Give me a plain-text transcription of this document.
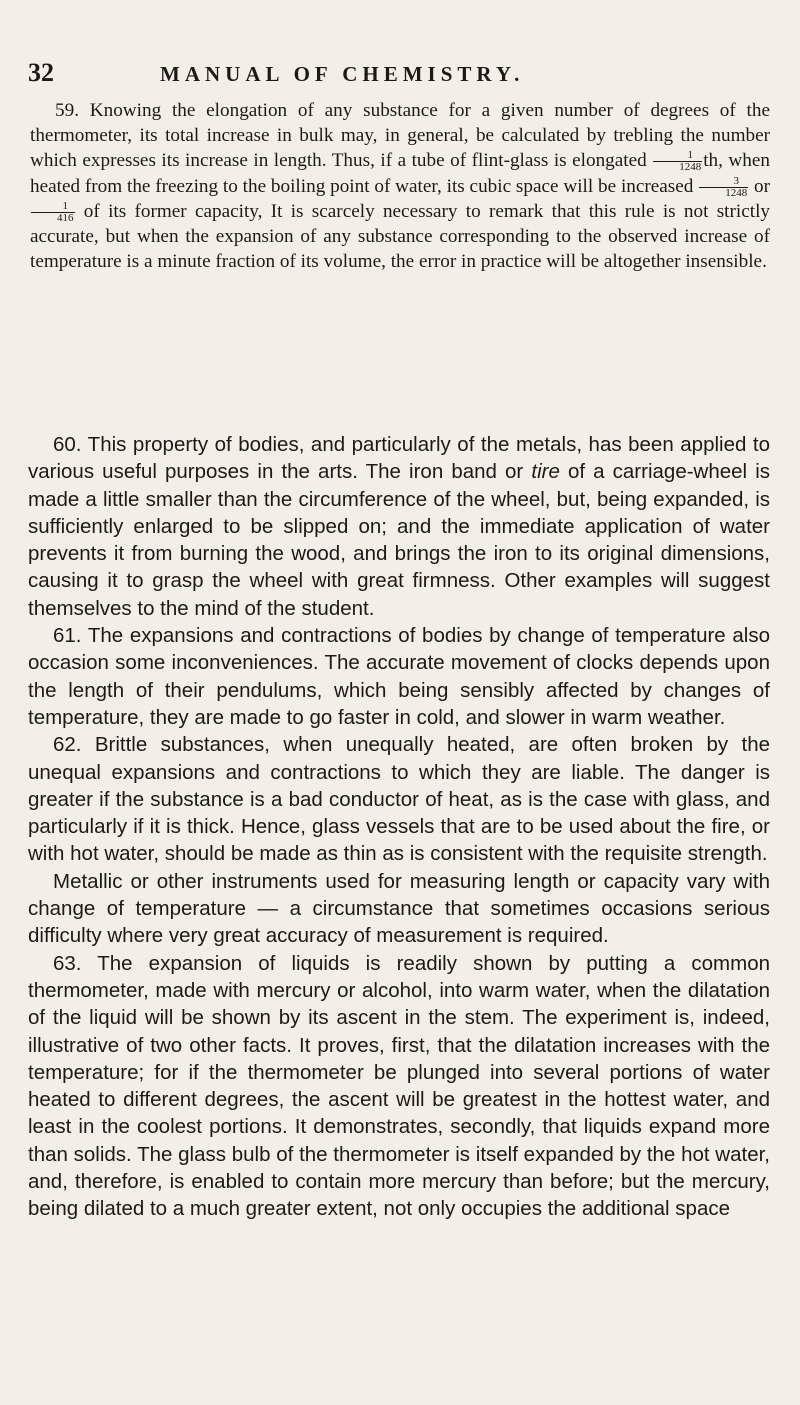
32	MANUAL OF CHEMISTRY.

59. Knowing the elongation of any substance for a given number of degrees of the thermometer, its total increase in bulk may, in general, be calculated by trebling the number which expresses its increase in length. Thus, if a tube of flint-glass is elongated $\frac{1}{1248}$ th, when heated from the freezing to the boiling point of water, its cubic space will be increased $\frac{3}{1248}$ or
$\frac{1}{416}$ of its former capacity, It is scarcely necessary to remark that this rule is not strictly accurate, but when the expansion of any substance corresponding to the observed increase of temperature is a minute fraction of its volume, the error in practice will be altogether insensible.

60. This property of bodies, and particularly of the metals, has been applied to various useful purposes in the arts. The iron band or tire of a carriage-wheel is made a little smaller than the circumference of the wheel, but, being expanded, is sufficiently enlarged to be slipped on; and the immediate application of water prevents it from burning the wood, and brings the iron to its original dimensions, causing it to grasp the wheel with great firmness. Other examples will suggest themselves to the mind of the student.

61. The expansions and contractions of bodies by change of temperature also occasion some inconveniences. The accurate movement of clocks depends upon the length of their pendulums, which being sensibly affected by changes of temperature, they are made to go faster in cold, and slower in warm weather.

62. Brittle substances, when unequally heated, are often broken by the unequal expansions and contractions to which they are liable. The danger is greater if the substance is a bad conductor of heat, as is the case with glass, and particularly if it is thick. Hence, glass vessels that are to be used about the fire, or with hot water, should be made as thin as is consistent with the requisite strength.

Metallic or other instruments used for measuring length or capacity vary with change of temperature — a circumstance that sometimes occasions serious difficulty where very great accuracy of measurement is required.

63. The expansion of liquids is readily shown by putting a common thermometer, made with mercury or alcohol, into warm water, when the dilatation of the liquid will be shown by its ascent in the stem. The experiment is, indeed, illustrative of two other facts. It proves, first, that the dilatation increases with the temperature; for if the thermometer be plunged into several portions of water heated to different degrees, the ascent will be greatest in the hottest water, and least in the coolest portions. It demonstrates, secondly, that liquids expand more than solids. The glass bulb of the thermometer is itself expanded by the hot water, and, therefore, is enabled to contain more mercury than before; but the mercury, being dilated to a much greater extent, not only occupies the additional space
